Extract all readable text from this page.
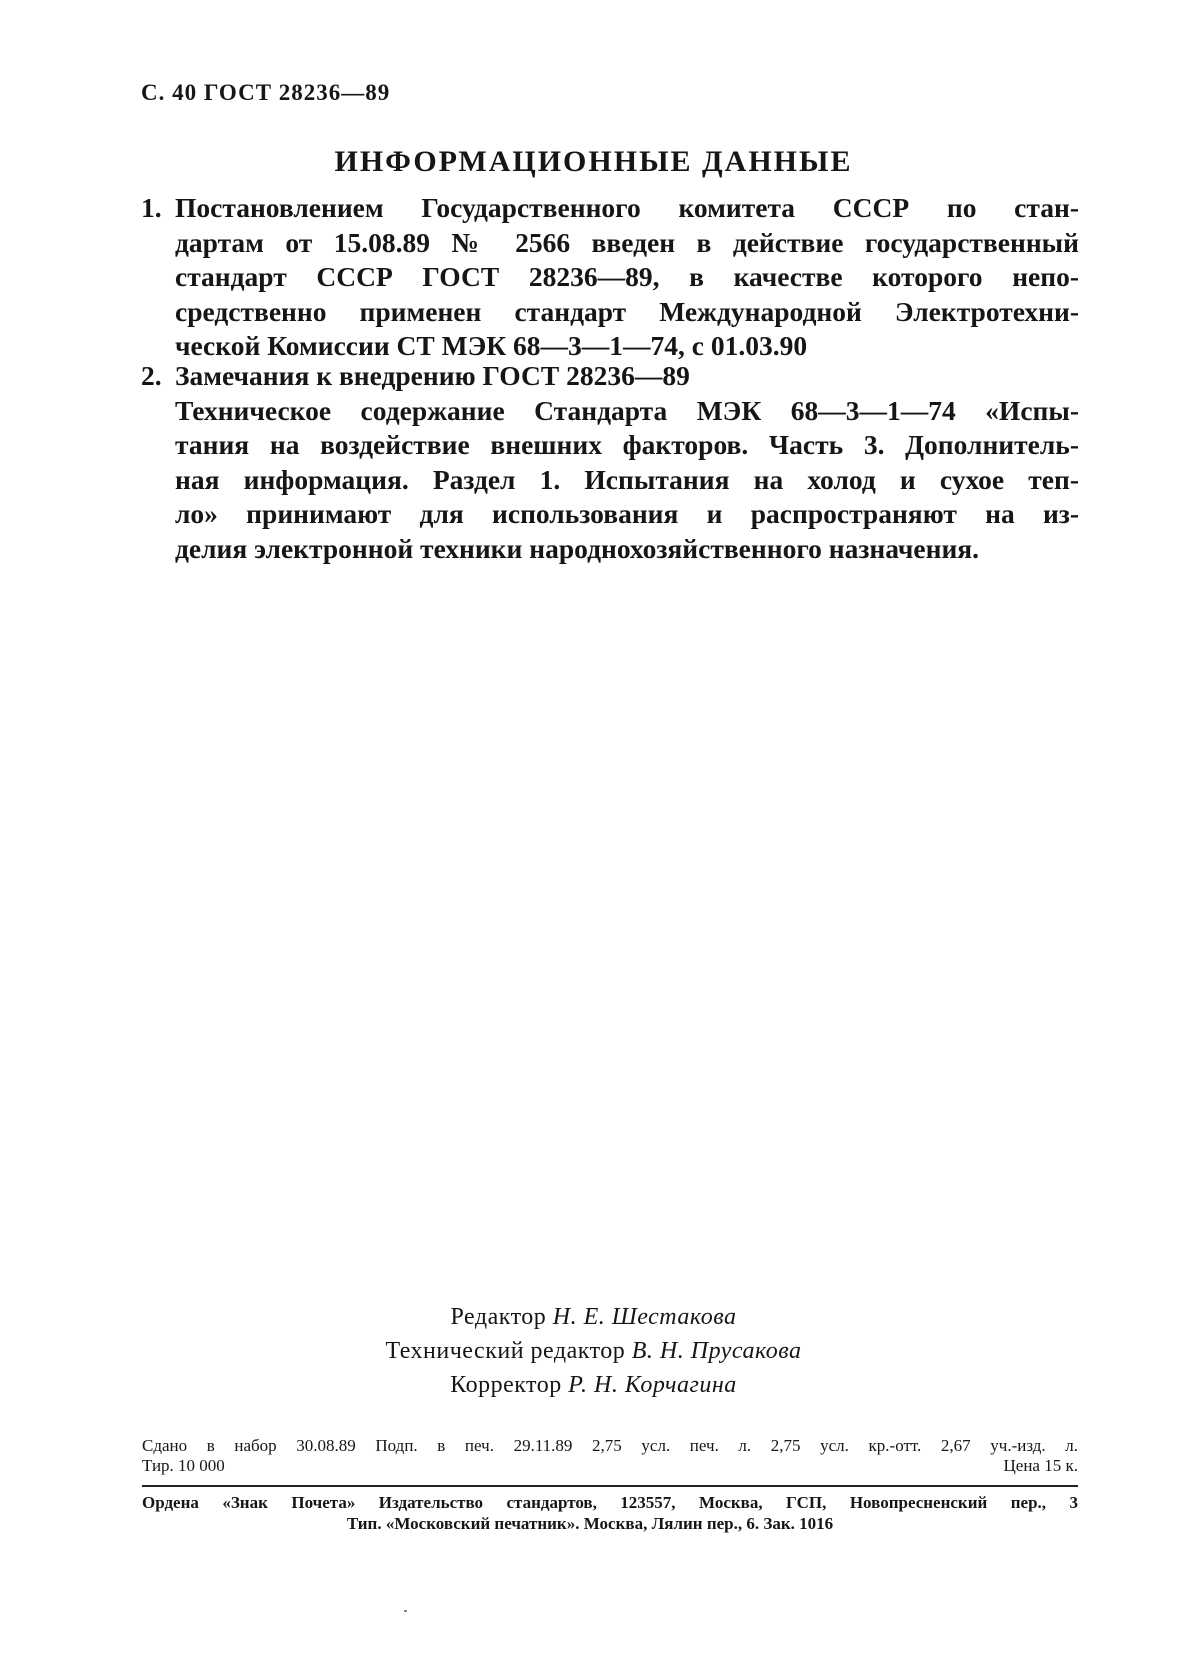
С. 40 ГОСТ 28236—89
ИНФОРМАЦИОННЫЕ ДАННЫЕ
1. Постановлением Государственного комитета СССР по стан-
дартам от 15.08.89 № 2566 введен в действие государственный
стандарт СССР ГОСТ 28236—89, в качестве которого непо-
средственно применен стандарт Международной Электротехни-
ческой Комиссии СТ МЭК 68—3—1—74, с 01.03.90
2. Замечания к внедрению ГОСТ 28236—89
Техническое содержание Стандарта МЭК 68—3—1—74 «Испы-
тания на воздействие внешних факторов. Часть 3. Дополнитель-
ная информация. Раздел 1. Испытания на холод и сухое теп-
ло» принимают для использования и распространяют на из-
делия электронной техники народнохозяйственного назначения.
Редактор Н. Е. Шестакова
Технический редактор В. Н. Прусакова
Корректор Р. Н. Корчагина
Сдано в набор 30.08.89 Подп. в печ. 29.11.89 2,75 усл. печ. л. 2,75 усл. кр.-отт. 2,67 уч.-изд. л.
Тир. 10 000	Цена 15 к.
Ордена «Знак Почета» Издательство стандартов, 123557, Москва, ГСП, Новопресненский пер., 3
Тип. «Московский печатник». Москва, Лялин пер., 6. Зак. 1016
